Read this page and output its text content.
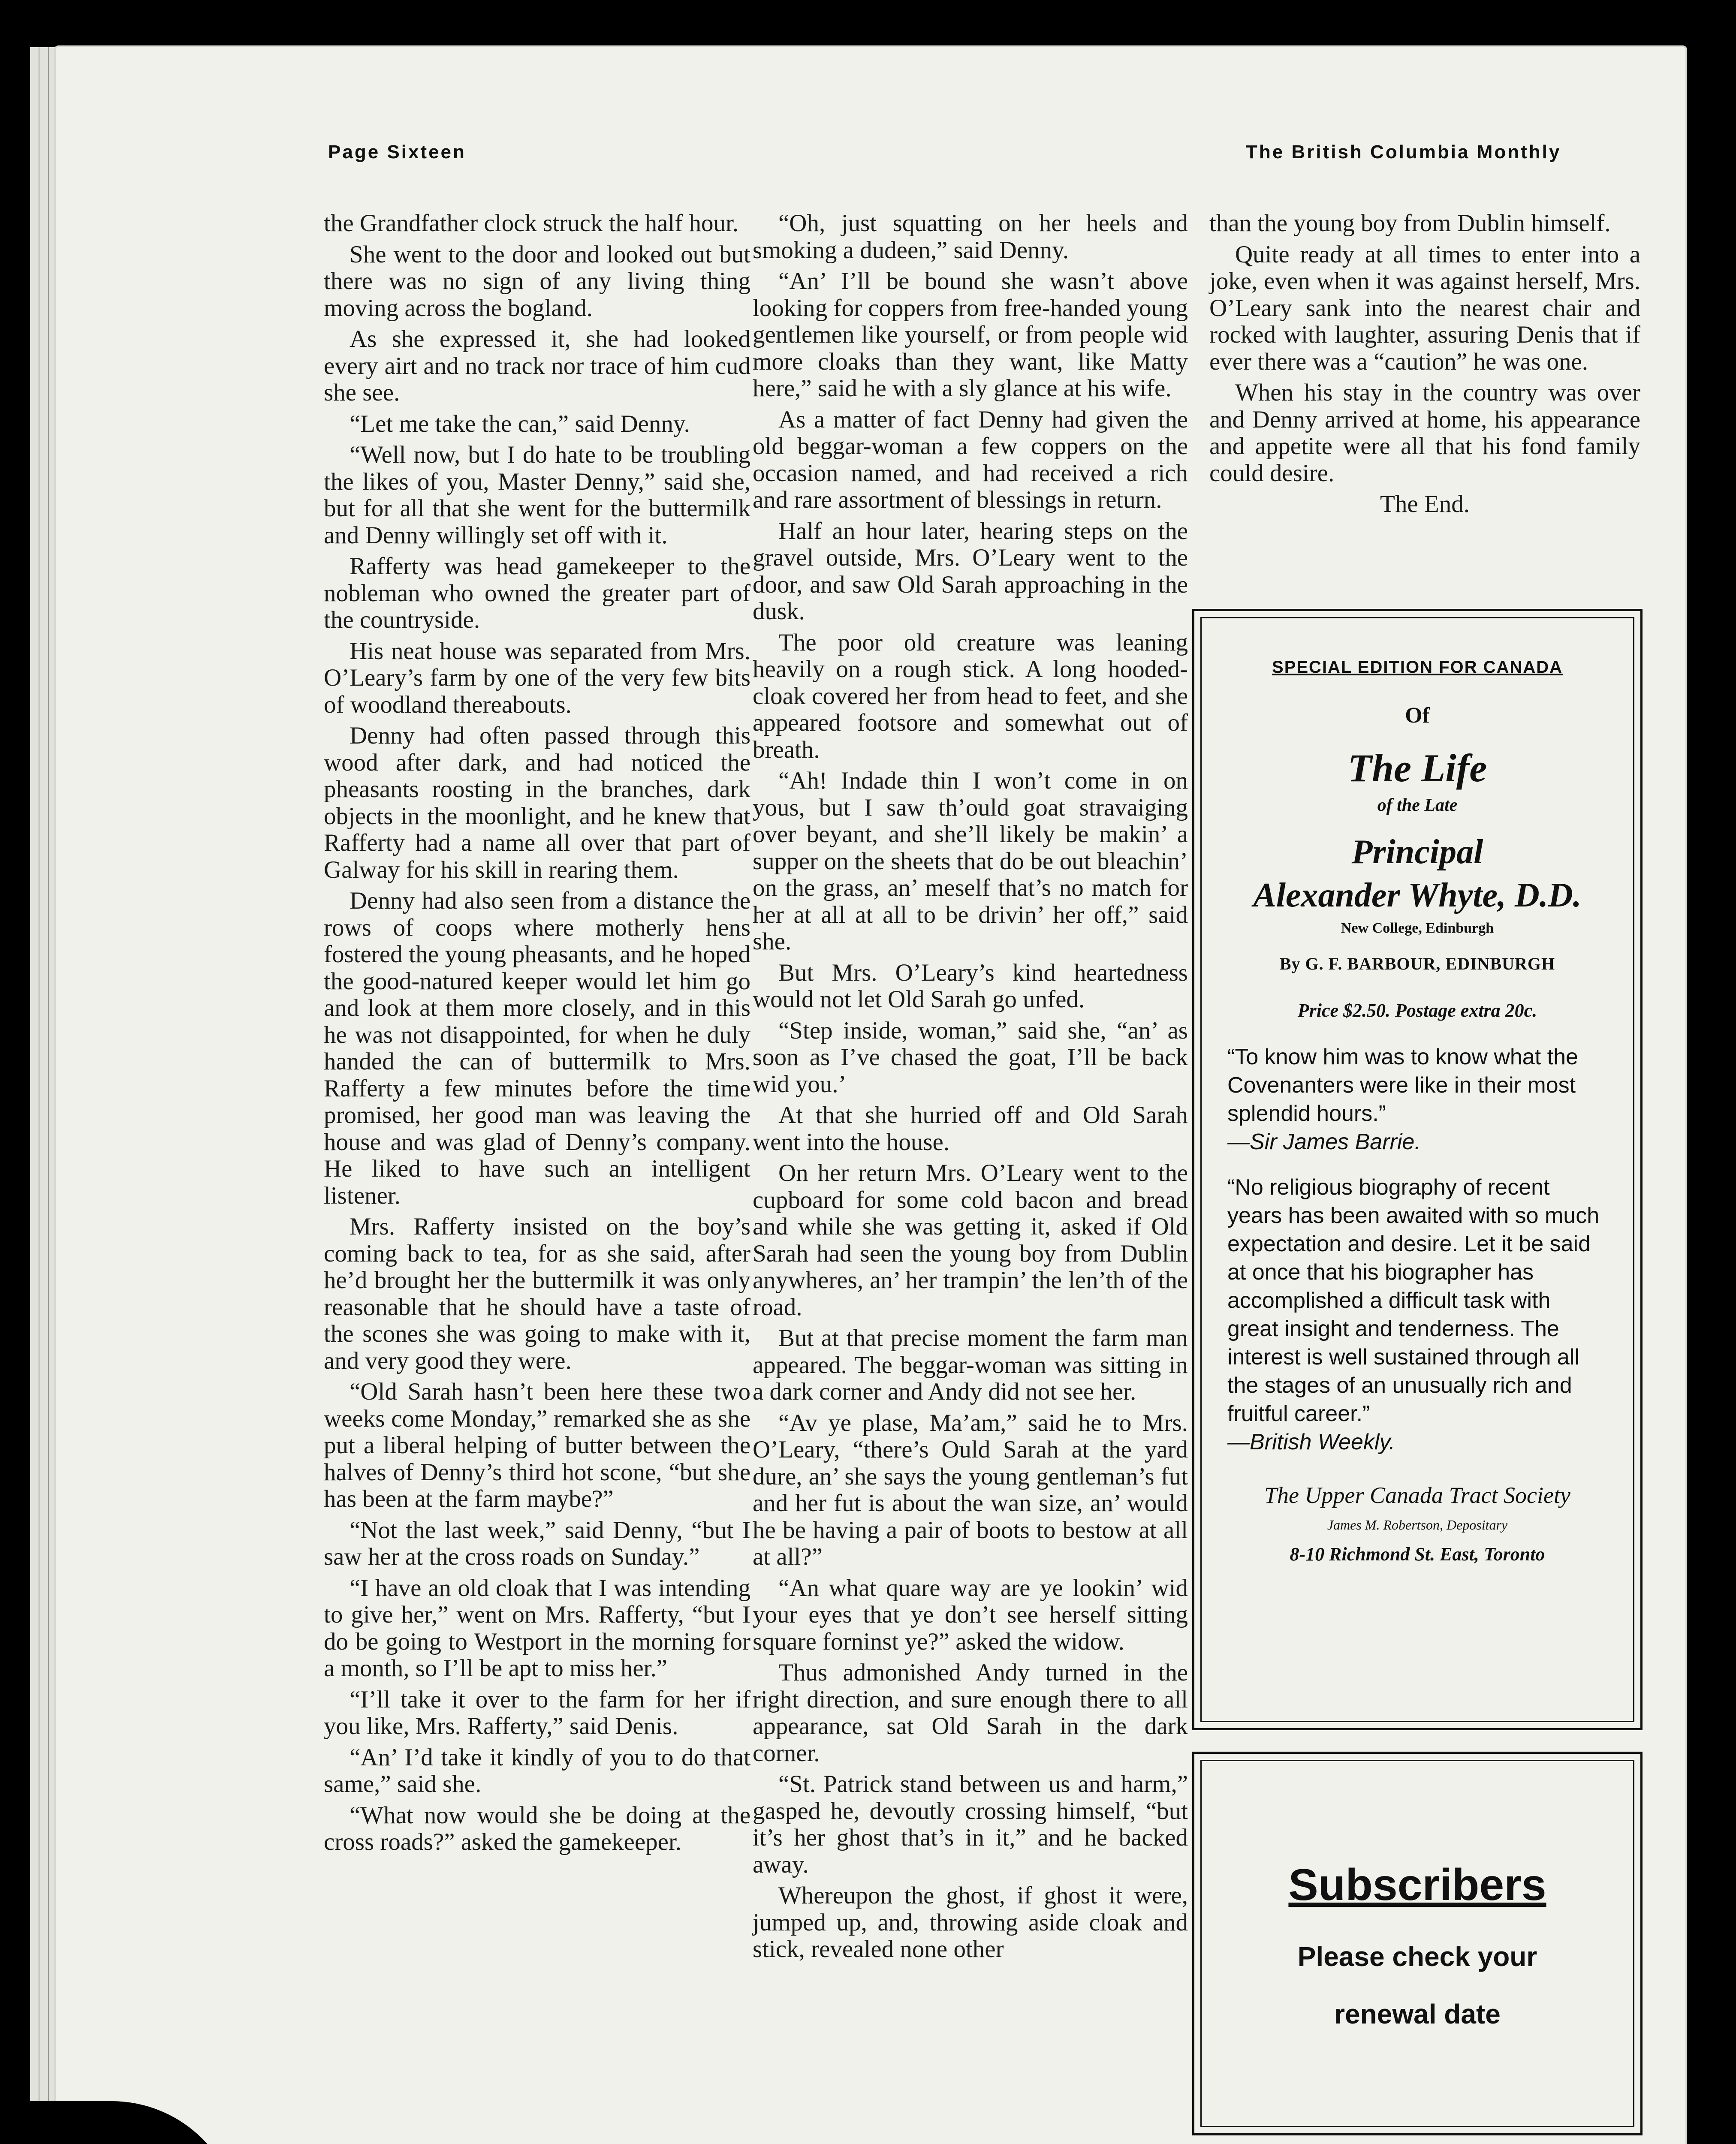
Page Sixteen	The British Columbia Monthly

the Grandfather clock struck the half hour.

She went to the door and looked out but there was no sign of any living thing moving across the bogland.

As she expressed it, she had looked every airt and no track nor trace of him cud she see.

“Let me take the can,” said Denny.

“Well now, but I do hate to be troubling the likes of you, Master Denny,” said she, but for all that she went for the buttermilk and Denny willingly set off with it.

Rafferty was head gamekeeper to the nobleman who owned the greater part of the countryside.

His neat house was separated from Mrs. O’Leary’s farm by one of the very few bits of woodland thereabouts.

Denny had often passed through this wood after dark, and had noticed the pheasants roosting in the branches, dark objects in the moonlight, and he knew that Rafferty had a name all over that part of Galway for his skill in rearing them.

Denny had also seen from a distance the rows of coops where motherly hens fostered the young pheasants, and he hoped the good-natured keeper would let him go and look at them more closely, and in this he was not disappointed, for when he duly handed the can of buttermilk to Mrs. Rafferty a few minutes before the time promised, her good man was leaving the house and was glad of Denny’s company. He liked to have such an intelligent listener.

Mrs. Rafferty insisted on the boy’s coming back to tea, for as she said, after he’d brought her the buttermilk it was only reasonable that he should have a taste of the scones she was going to make with it, and very good they were.

“Old Sarah hasn’t been here these two weeks come Monday,” remarked she as she put a liberal helping of butter between the halves of Denny’s third hot scone, “but she has been at the farm maybe?”

“Not the last week,” said Denny, “but I saw her at the cross roads on Sunday.”

“I have an old cloak that I was intending to give her,” went on Mrs. Rafferty, “but I do be going to Westport in the morning for a month, so I’ll be apt to miss her.”

“I’ll take it over to the farm for her if you like, Mrs. Rafferty,” said Denis.

“An’ I’d take it kindly of you to do that same,” said she.

“What now would she be doing at the cross roads?” asked the gamekeeper.

“Oh, just squatting on her heels and smoking a dudeen,” said Denny.

“An’ I’ll be bound she wasn’t above looking for coppers from free-handed young gentlemen like yourself, or from people wid more cloaks than they want, like Matty here,” said he with a sly glance at his wife.

As a matter of fact Denny had given the old beggar-woman a few coppers on the occasion named, and had received a rich and rare assortment of blessings in return.

Half an hour later, hearing steps on the gravel outside, Mrs. O’Leary went to the door, and saw Old Sarah approaching in the dusk.

The poor old creature was leaning heavily on a rough stick. A long hooded-cloak covered her from head to feet, and she appeared footsore and somewhat out of breath.

“Ah! Indade thin I won’t come in on yous, but I saw th’ould goat stravaiging over beyant, and she’ll likely be makin’ a supper on the sheets that do be out bleachin’ on the grass, an’ meself that’s no match for her at all at all to be drivin’ her off,” said she.

But Mrs. O’Leary’s kind heartedness would not let Old Sarah go unfed.

“Step inside, woman,” said she, “an’ as soon as I’ve chased the goat, I’ll be back wid you.’

At that she hurried off and Old Sarah went into the house.

On her return Mrs. O’Leary went to the cupboard for some cold bacon and bread and while she was getting it, asked if Old Sarah had seen the young boy from Dublin anywheres, an’ her trampin’ the len’th of the road.

But at that precise moment the farm man appeared. The beggar-woman was sitting in a dark corner and Andy did not see her.

“Av ye plase, Ma’am,” said he to Mrs. O’Leary, “there’s Ould Sarah at the yard dure, an’ she says the young gentleman’s fut and her fut is about the wan size, an’ would he be having a pair of boots to bestow at all at all?”

“An what quare way are ye lookin’ wid your eyes that ye don’t see herself sitting square forninst ye?” asked the widow.

Thus admonished Andy turned in the right direction, and sure enough there to all appearance, sat Old Sarah in the dark corner.

“St. Patrick stand between us and harm,” gasped he, devoutly crossing himself, “but it’s her ghost that’s in it,” and he backed away.

Whereupon the ghost, if ghost it were, jumped up, and, throwing aside cloak and stick, revealed none other

than the young boy from Dublin himself.

Quite ready at all times to enter into a joke, even when it was against herself, Mrs. O’Leary sank into the nearest chair and rocked with laughter, assuring Denis that if ever there was a “caution” he was one.

When his stay in the country was over and Denny arrived at home, his appearance and appetite were all that his fond family could desire.

The End.

SPECIAL EDITION FOR CANADA
Of
The Life
of the Late
Principal
Alexander Whyte, D.D.
New College, Edinburgh
By G. F. BARBOUR, EDINBURGH
Price $2.50. Postage extra 20c.
“To know him was to know what the Covenanters were like in their most splendid hours.”
—Sir James Barrie.
“No religious biography of recent years has been awaited with so much expectation and desire. Let it be said at once that his biographer has accomplished a difficult task with great insight and tenderness. The interest is well sustained through all the stages of an unusually rich and fruitful career.”
—British Weekly.
The Upper Canada Tract Society
James M. Robertson, Depositary
8-10 Richmond St. East, Toronto
Subscribers
Please check your
renewal date
